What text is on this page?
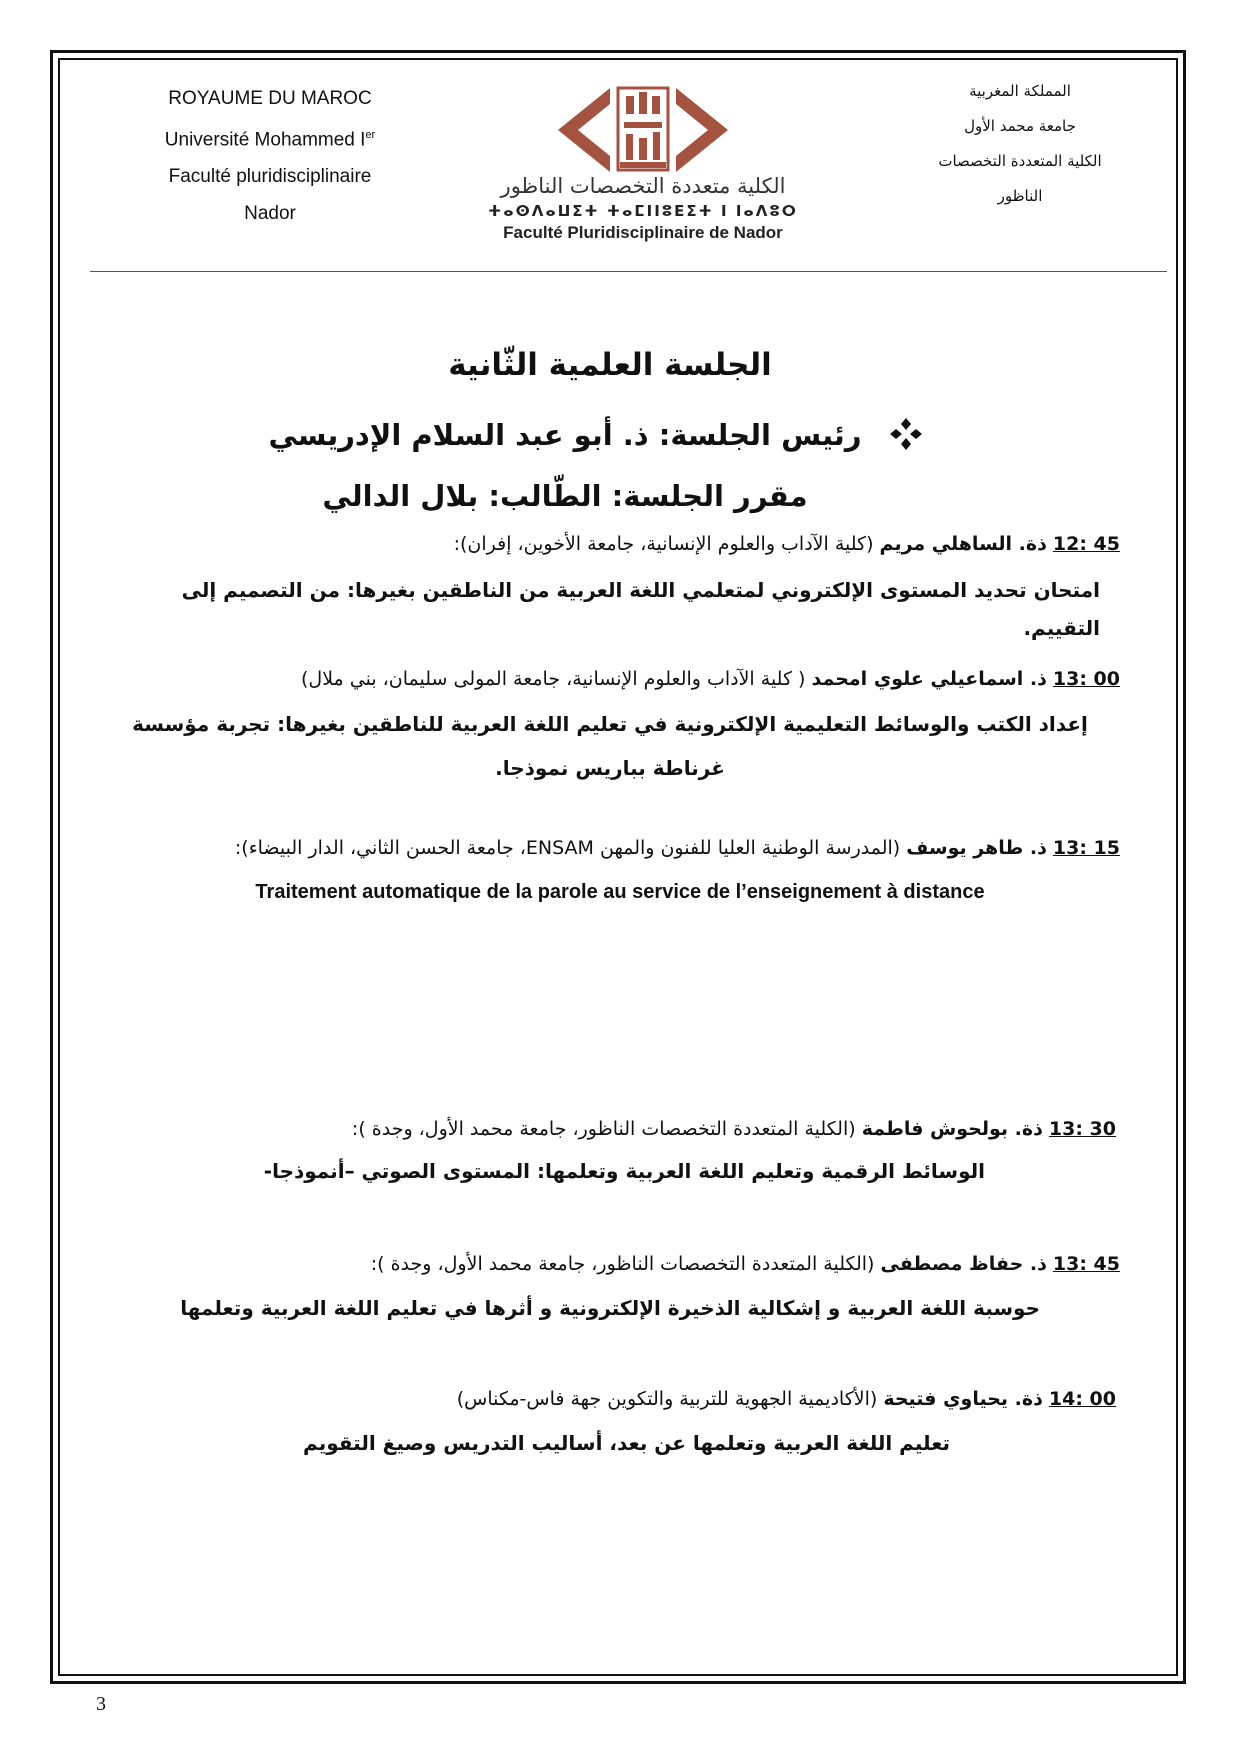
ROYAUME DU MAROC
Université Mohammed Ier
Faculté pluridisciplinaire
Nador
الكلية متعددة التخصصات الناظور
ⵜⴰⵙⴷⴰⵡⵉⵜ ⵜⴰⵎⵏⵏⵓⴹⵉⵜ ⵏ ⵏⴰⴷⵓⵔ
Faculté Pluridisciplinaire de Nador
المملكة المغربية
جامعة محمد الأول
الكلية المتعددة التخصصات
الناظور
الجلسة العلمية الثّانية
رئيس الجلسة: ذ. أبو عبد السلام الإدريسي
مقرر الجلسة: الطّالب: بلال الدالي
12: 45 ذة. الساهلي مريم (كلية الآداب والعلوم الإنسانية، جامعة الأخوين، إفران):
امتحان تحديد المستوى الإلكتروني لمتعلمي اللغة العربية من الناطقين بغيرها: من التصميم إلى التقييم.
13: 00 ذ. اسماعيلي علوي امحمد ( كلية الآداب والعلوم الإنسانية، جامعة المولى سليمان، بني ملال)
إعداد الكتب والوسائط التعليمية الإلكترونية في تعليم اللغة العربية للناطقين بغيرها: تجربة مؤسسة غرناطة بباريس نموذجا.
13: 15 ذ. طاهر يوسف (المدرسة الوطنية العليا للفنون والمهن ENSAM، جامعة الحسن الثاني، الدار البيضاء):
Traitement automatique de la parole au service de l’enseignement à distance
13: 30 ذة. بولحوش فاطمة (الكلية المتعددة التخصصات الناظور، جامعة محمد الأول، وجدة ):
الوسائط الرقمية وتعليم اللغة العربية وتعلمها: المستوى الصوتي –أنموذجا-
13: 45 ذ. حفاظ مصطفى (الكلية المتعددة التخصصات الناظور، جامعة محمد الأول، وجدة ):
حوسبة اللغة العربية و إشكالية الذخيرة الإلكترونية و أثرها في تعليم اللغة العربية وتعلمها
14: 00 ذة. يحياوي فتيحة (الأكاديمية الجهوية للتربية والتكوين جهة فاس-مكناس)
تعليم اللغة العربية وتعلمها عن بعد، أساليب التدريس وصيغ التقويم
3
